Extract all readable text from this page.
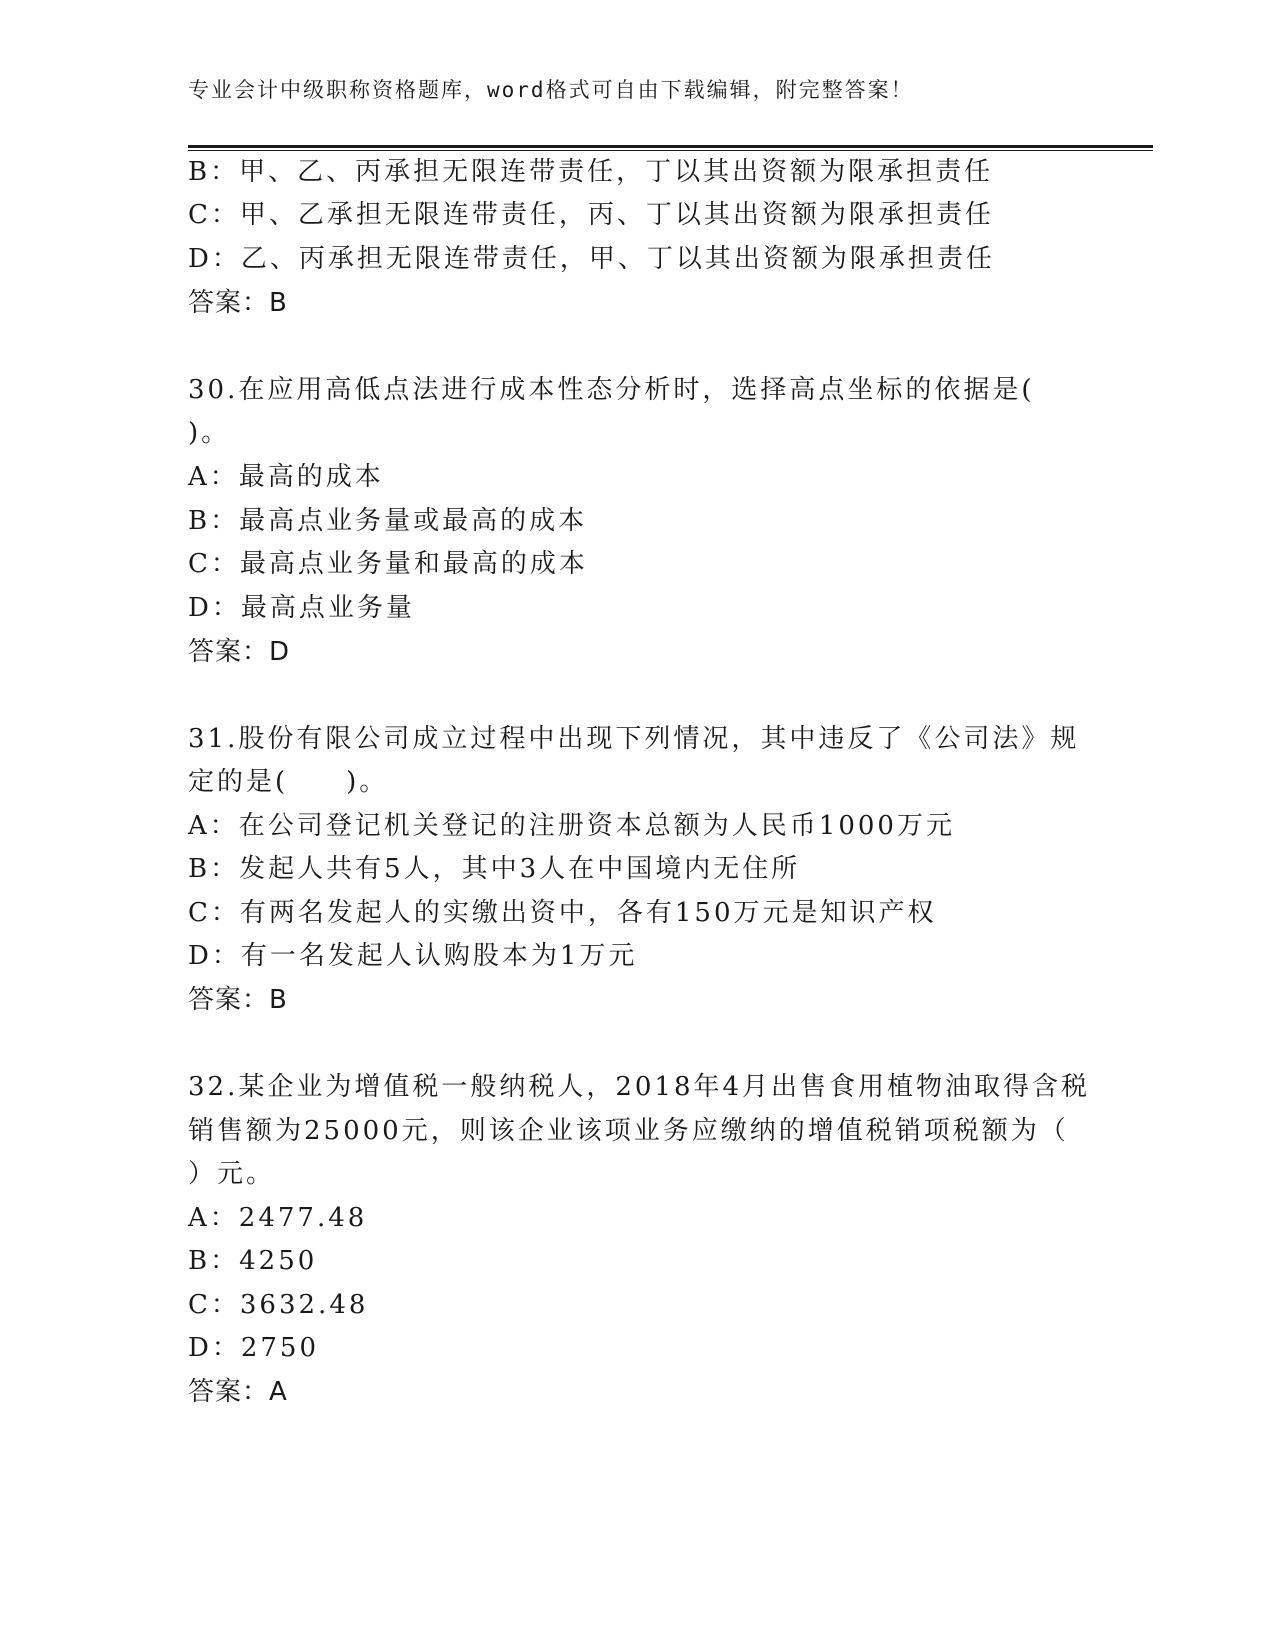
专业会计中级职称资格题库，word格式可自由下载编辑，附完整答案！
B：甲、乙、丙承担无限连带责任，丁以其出资额为限承担责任
C：甲、乙承担无限连带责任，丙、丁以其出资额为限承担责任
D：乙、丙承担无限连带责任，甲、丁以其出资额为限承担责任
答案：B
30.在应用高低点法进行成本性态分析时，选择高点坐标的依据是(
)。
A：最高的成本
B：最高点业务量或最高的成本
C：最高点业务量和最高的成本
D：最高点业务量
答案：D
31.股份有限公司成立过程中出现下列情况，其中违反了《公司法》规
定的是(　　)。
A：在公司登记机关登记的注册资本总额为人民币1000万元
B：发起人共有5人，其中3人在中国境内无住所
C：有两名发起人的实缴出资中，各有150万元是知识产权
D：有一名发起人认购股本为1万元
答案：B
32.某企业为增值税一般纳税人，2018年4月出售食用植物油取得含税
销售额为25000元，则该企业该项业务应缴纳的增值税销项税额为（
）元。
A：2477.48
B：4250
C：3632.48
D：2750
答案：A
